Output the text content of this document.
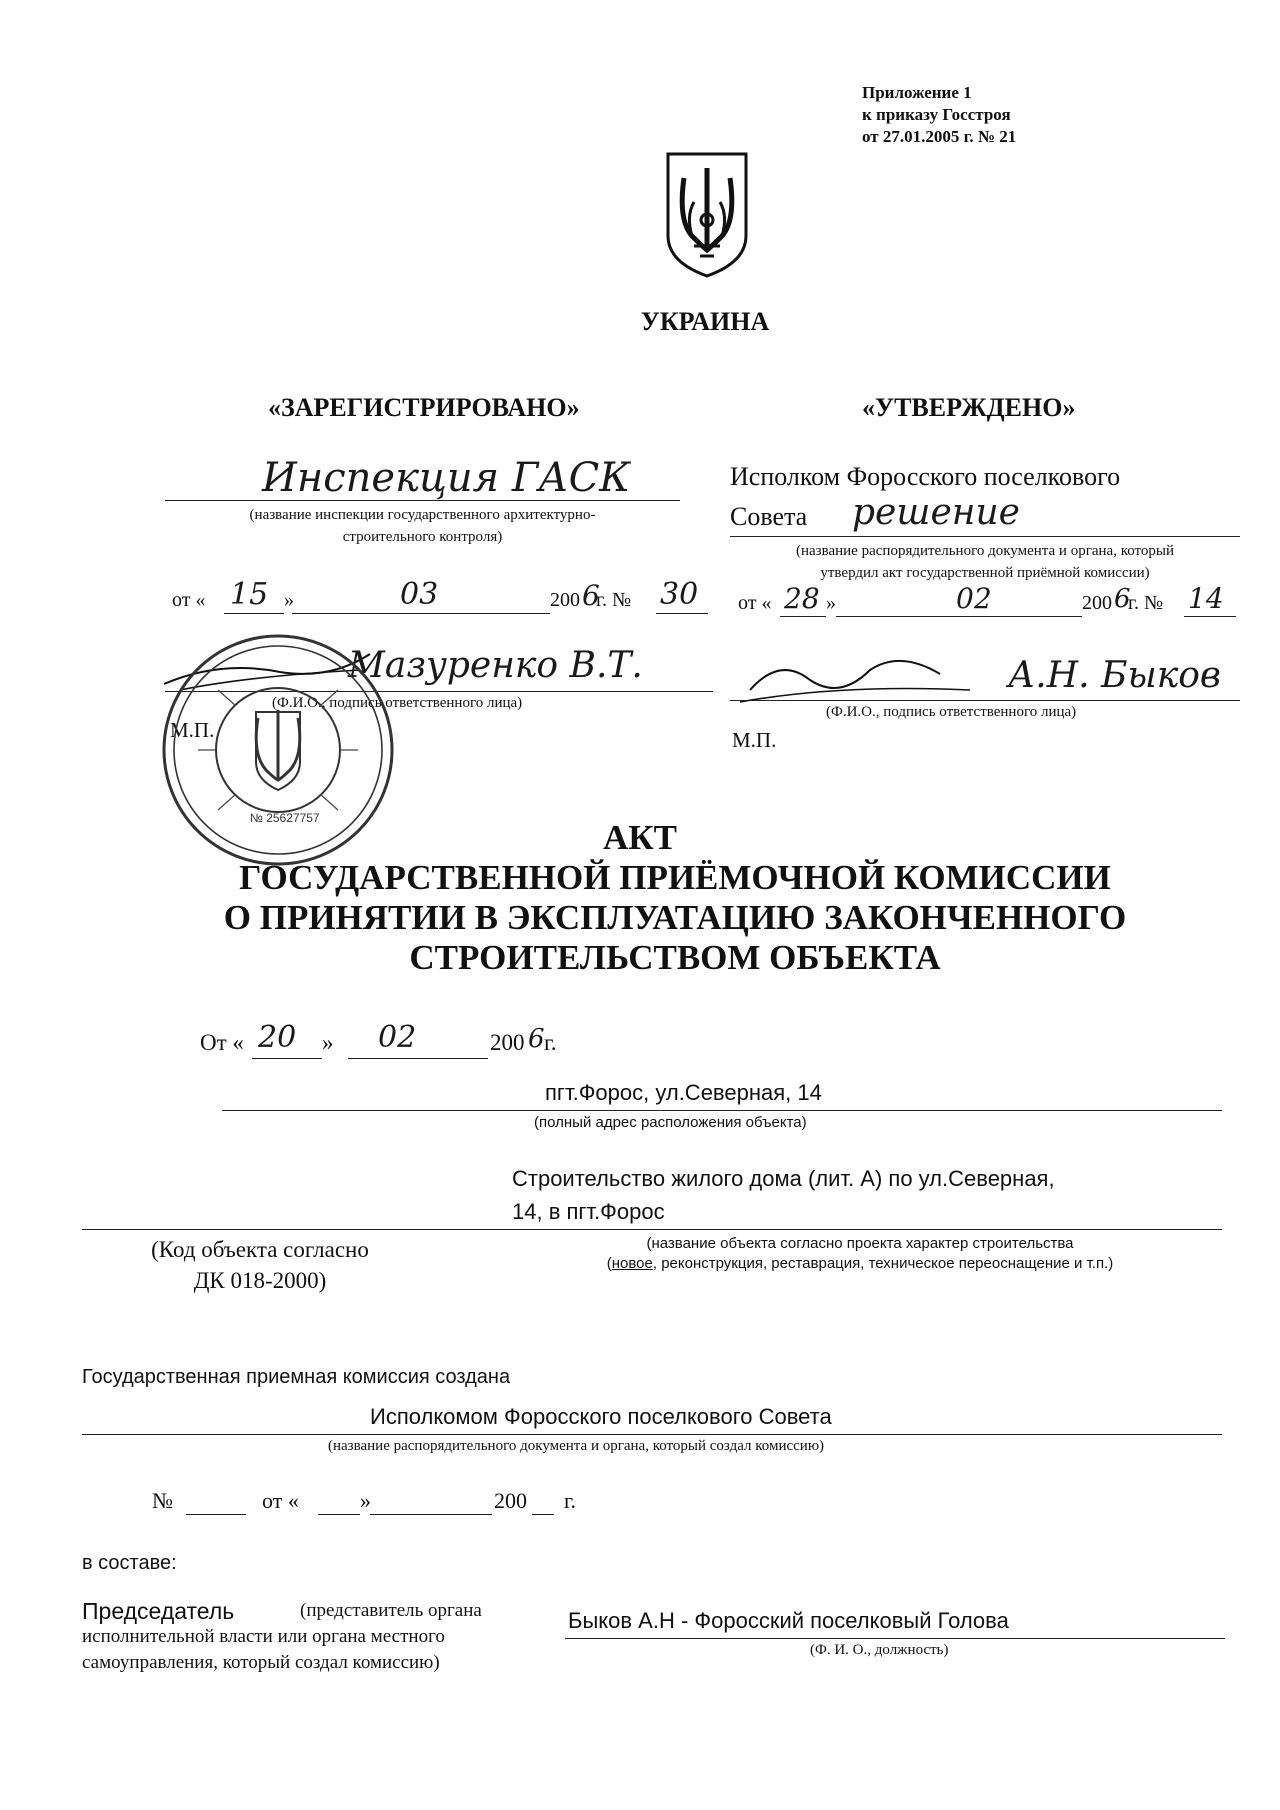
Приложение 1
к приказу Госстроя
от 27.01.2005 г. № 21
УКРАИНА
«ЗАРЕГИСТРИРОВАНО»
Инспекция ГАСК
(название инспекции государственного архитектурно-
строительного контроля)
от « 15 »	03	200 6
г. № 30
Мазуренко В.Т.
(Ф.И.О., подпись ответственного лица)
М.П.
№ 25627757
«УТВЕРЖДЕНО»
Исполком Форосского поселкового
Совета решение
(название распорядительного документа и органа, который
утвердил акт государственной приёмной комиссии)
от « 28 »	02	200 6
г. № 14
А.Н. Быков
(Ф.И.О., подпись ответственного лица)
М.П.
АКТ
ГОСУДАРСТВЕННОЙ ПРИЁМОЧНОЙ КОМИССИИ
О ПРИНЯТИИ В ЭКСПЛУАТАЦИЮ ЗАКОНЧЕННОГО
СТРОИТЕЛЬСТВОМ ОБЪЕКТА
От « 20 » 02	200 6 г.
пгт.Форос, ул.Северная, 14
(полный адрес расположения объекта)
Строительство жилого дома (лит. А) по ул.Северная,
14, в пгт.Форос
(Код объекта согласно
ДК 018-2000)
(название объекта согласно проекта характер строительства
(новое, реконструкция, реставрация, техническое переоснащение и т.п.)
Государственная приемная комиссия создана
Исполкомом Форосского поселкового Совета
(название распорядительного документа и органа, который создал комиссию)
№	от «	»	200 г.
в составе:
Председатель	(представитель органа
исполнительной власти или органа местного
самоуправления, который создал комиссию)
Быков А.Н - Форосский поселковый Голова
(Ф. И. О., должность)
